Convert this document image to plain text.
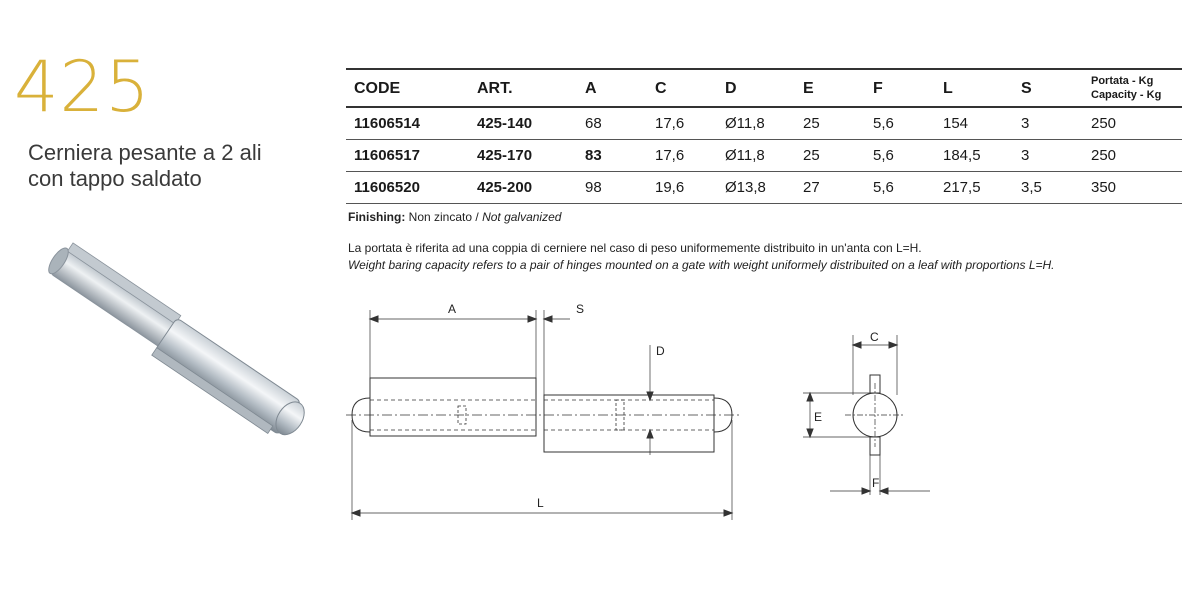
425
Cerniera pesante a 2 ali
con tappo saldato
CODE	ART.	A	C	D	E	F	L	S	Portata - Kg
Capacity - Kg

11606514	425-140	68	17,6	Ø11,8	25	5,6	154	3	250
11606517	425-170	83	17,6	Ø11,8	25	5,6	184,5	3	250
11606520	425-200	98	19,6	Ø13,8	27	5,6	217,5	3,5	350
Finishing: Non zincato / Not galvanized
La portata è riferita ad una coppia di cerniere nel caso di peso uniformemente distribuito in un'anta con L=H.
Weight baring capacity refers to a pair of hinges mounted on a gate with weight uniformely distribuited on a leaf with proportions L=H.
A	S
D
L
C
E
F
